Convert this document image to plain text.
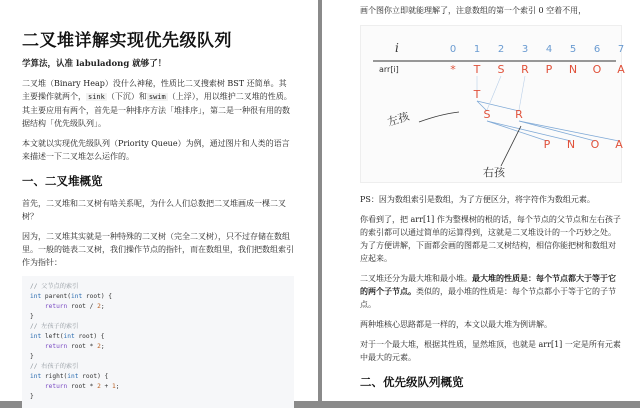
二叉堆详解实现优先级队列
学算法，认准 labuladong 就够了！

二叉堆（Binary Heap）没什么神秘，性质比二叉搜索树 BST 还简单。其主要操作就两个， sink （下沉）和 swim （上浮），用以维护二叉堆的性质。其主要应用有两个，首先是一种排序方法「堆排序」，第二是一种很有用的数据结构「优先级队列」。

本文就以实现优先级队列（Priority Queue）为例，通过图片和人类的语言来描述一下二叉堆怎么运作的。

一、二叉堆概览

首先，二叉堆和二叉树有啥关系呢，为什么人们总数把二叉堆画成一棵二叉树？

因为，二叉堆其实就是一种特殊的二叉树（完全二叉树），只不过存储在数组里。一般的链表二叉树，我们操作节点的指针，而在数组里，我们把数组索引作为指针：

// 父节点的索引
int parent(int root) {
return root / 2;
}
// 左孩子的索引
int left(int root) {
return root * 2;
}
// 右孩子的索引
int right(int root) {
return root * 2 + 1;
}

画个图你立即就能理解了，注意数组的第一个索引 0 空着不用，

i
arr[i]
0 1 2 3 4 5 6 7
* T S R P N O A
T
S R
P N O A
左孩
右孩

PS：因为数组索引是数组，为了方便区分，将字符作为数组元素。

你看到了，把 arr[1] 作为整棵树的根的话，每个节点的父节点和左右孩子的索引都可以通过简单的运算得到，这就是二叉堆设计的一个巧妙之处。为了方便讲解，下面都会画的图都是二叉树结构，相信你能把树和数组对应起来。

二叉堆还分为最大堆和最小堆。最大堆的性质是：每个节点都大于等于它的两个子节点。类似的，最小堆的性质是：每个节点都小于等于它的子节点。

两种堆核心思路都是一样的，本文以最大堆为例讲解。

对于一个最大堆，根据其性质，显然堆顶，也就是 arr[1] 一定是所有元素中最大的元素。

二、优先级队列概览
